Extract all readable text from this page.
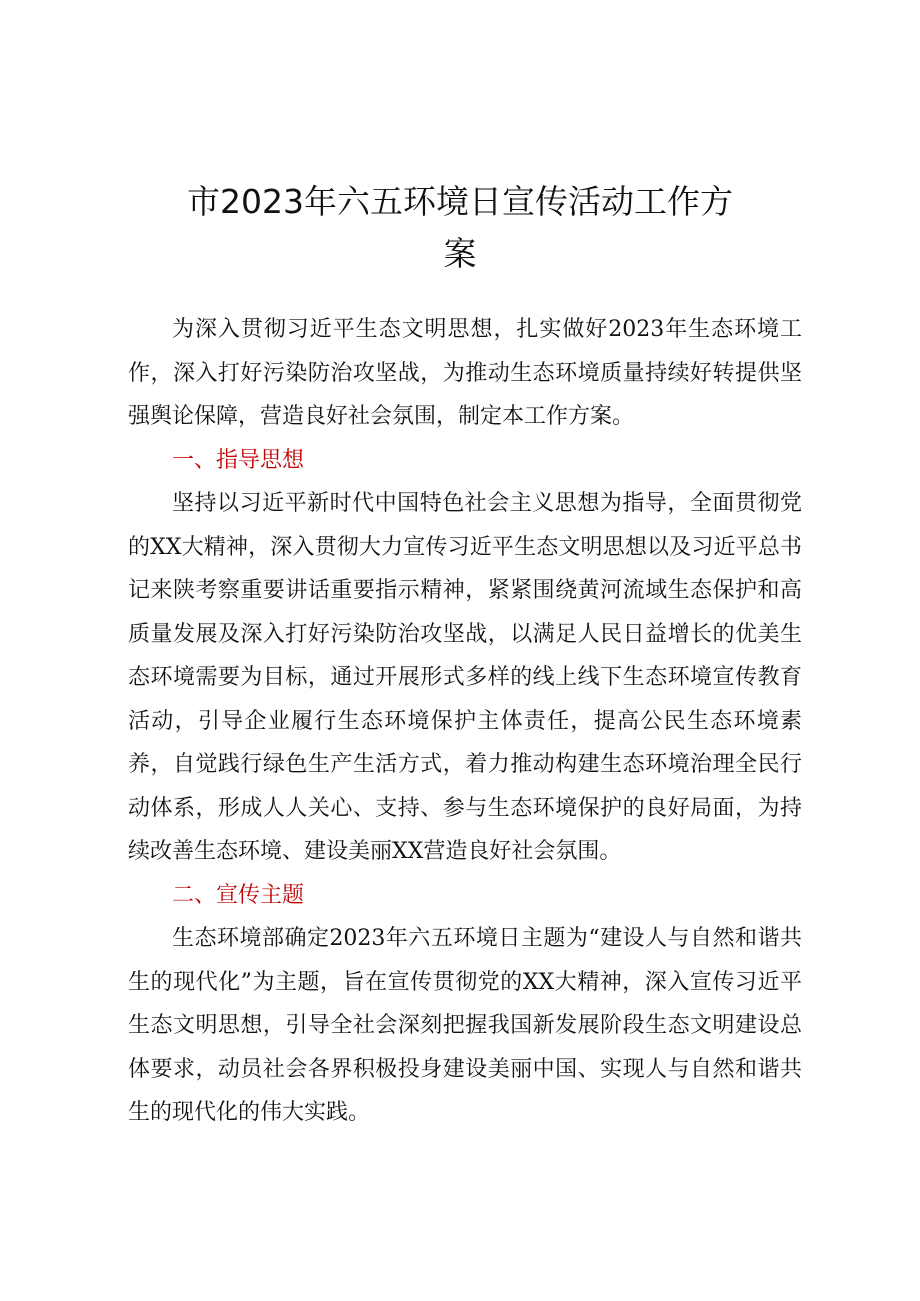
市2023年六五环境日宣传活动工作方
案

为深入贯彻习近平生态文明思想，扎实做好2023年生态环境工作，深入打好污染防治攻坚战，为推动生态环境质量持续好转提供坚强舆论保障，营造良好社会氛围，制定本工作方案。

一、指导思想

坚持以习近平新时代中国特色社会主义思想为指导，全面贯彻党的XX大精神，深入贯彻大力宣传习近平生态文明思想以及习近平总书记来陕考察重要讲话重要指示精神，紧紧围绕黄河流域生态保护和高质量发展及深入打好污染防治攻坚战，以满足人民日益增长的优美生态环境需要为目标，通过开展形式多样的线上线下生态环境宣传教育活动，引导企业履行生态环境保护主体责任，提高公民生态环境素养，自觉践行绿色生产生活方式，着力推动构建生态环境治理全民行动体系，形成人人关心、支持、参与生态环境保护的良好局面，为持续改善生态环境、建设美丽XX营造良好社会氛围。

二、宣传主题

生态环境部确定2023年六五环境日主题为“建设人与自然和谐共生的现代化”为主题，旨在宣传贯彻党的XX大精神，深入宣传习近平生态文明思想，引导全社会深刻把握我国新发展阶段生态文明建设总体要求，动员社会各界积极投身建设美丽中国、实现人与自然和谐共生的现代化的伟大实践。
